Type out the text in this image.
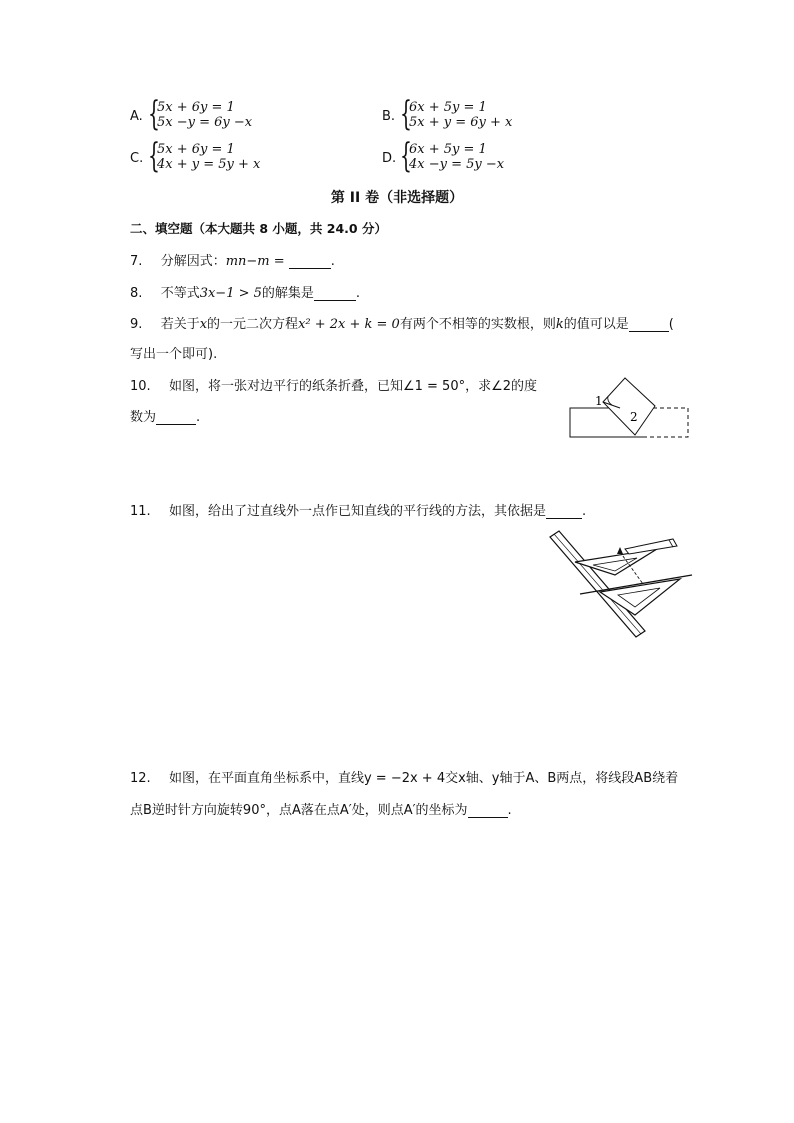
A. {
5x + 6y = 1
5x −y = 6y −x	B. {
6x + 5y = 1
5x + y = 6y + x
C. {
5x + 6y = 1
4x + y = 5y + x	D. {
6x + 5y = 1
4x −y = 5y −x
第 II 卷（非选择题）
二、填空题（本大题共 8 小题，共 24.0 分）
7. 分解因式：mn−m =	.
8. 不等式3x−1 > 5的解集是	.
9. 若关于x的一元二次方程x² + 2x + k = 0有两个不相等的实数根，则k的值可以是	(
写出一个即可).
10. 如图，将一张对边平行的纸条折叠，已知∠1 = 50°，求∠2的度
数为	.
1
2
11. 如图，给出了过直线外一点作已知直线的平行线的方法，其依据是	.
12. 如图，在平面直角坐标系中，直线y = −2x + 4交x轴、y轴于A、B两点，将线段AB绕着
点B逆时针方向旋转90°，点A落在点A′处，则点A′的坐标为	.
